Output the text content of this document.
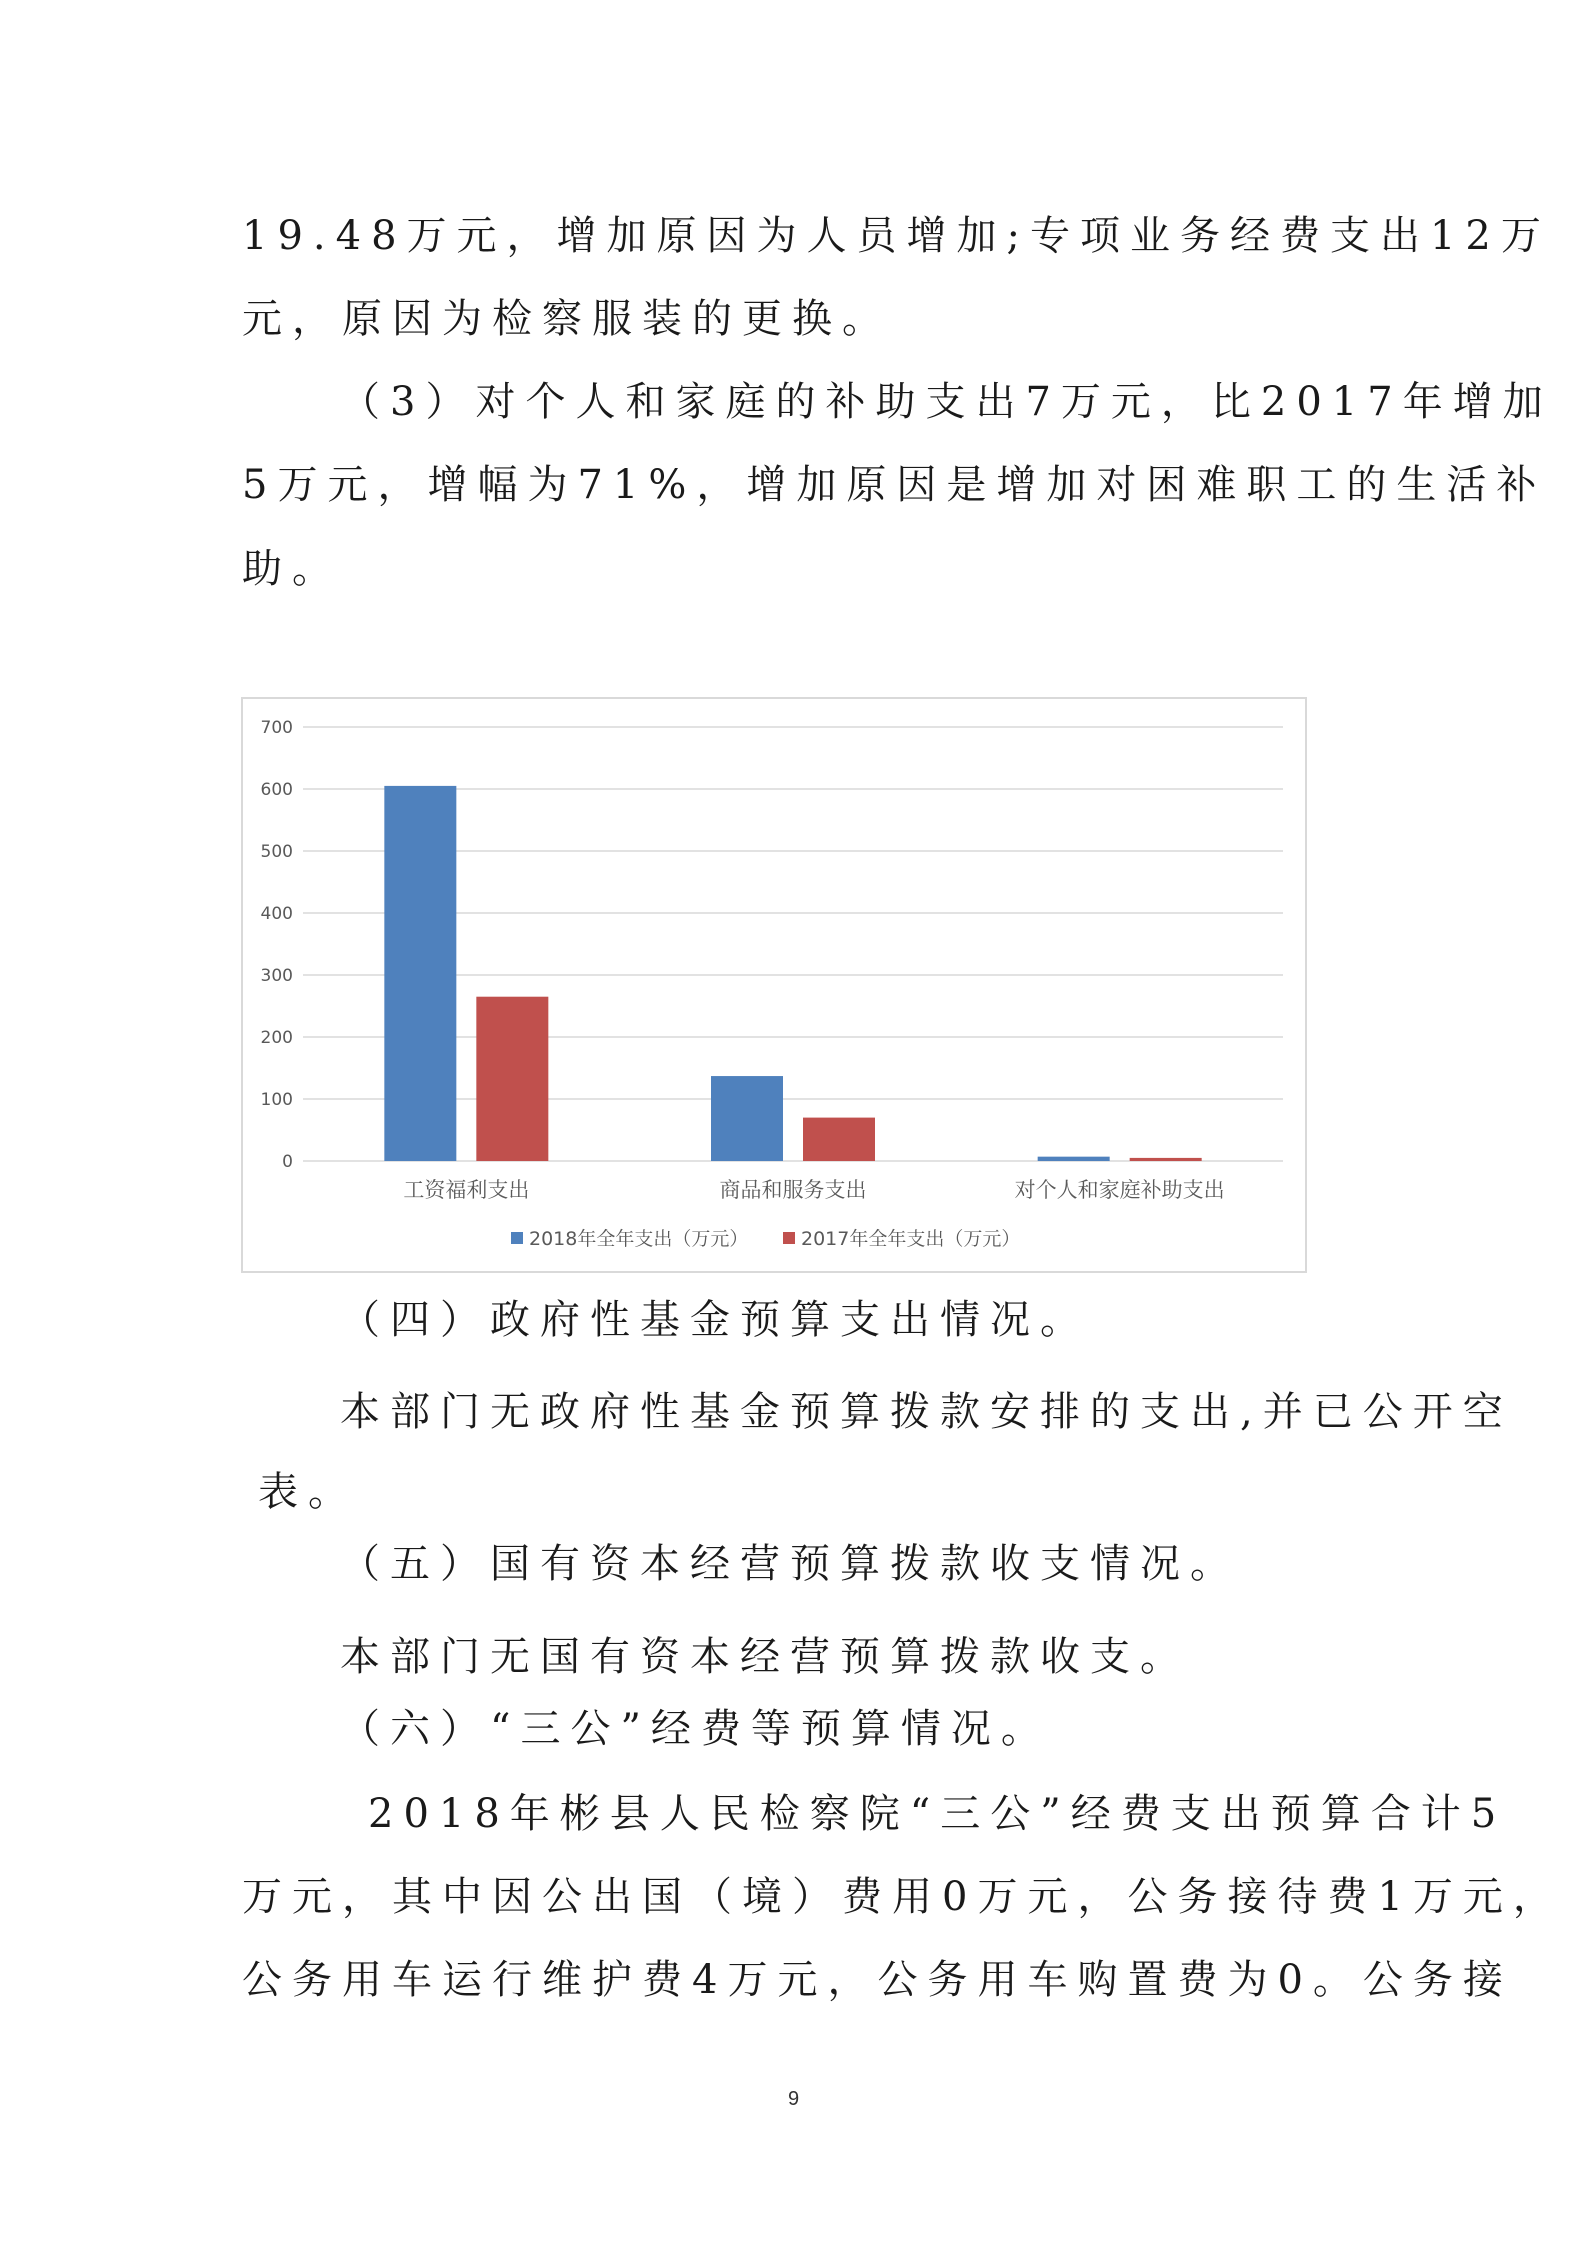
19.48万元，增加原因为人员增加;专项业务经费支出12万
元，原因为检察服装的更换。
（3）对个人和家庭的补助支出7万元，比2017年增加
5万元，增幅为71%，增加原因是增加对困难职工的生活补
助。
0
100
200
300
400
500
600
700
工资福利支出	商品和服务支出	对个人和家庭补助支出
2018年全年支出（万元）	2017年全年支出（万元）
（四）政府性基金预算支出情况。
本部门无政府性基金预算拨款安排的支出,并已公开空
表。
（五）国有资本经营预算拨款收支情况。
本部门无国有资本经营预算拨款收支。
（六）“三公”经费等预算情况。
2018年彬县人民检察院“三公”经费支出预算合计5
万元，其中因公出国（境）费用0万元，公务接待费1万元，
公务用车运行维护费4万元，公务用车购置费为0。公务接
9
